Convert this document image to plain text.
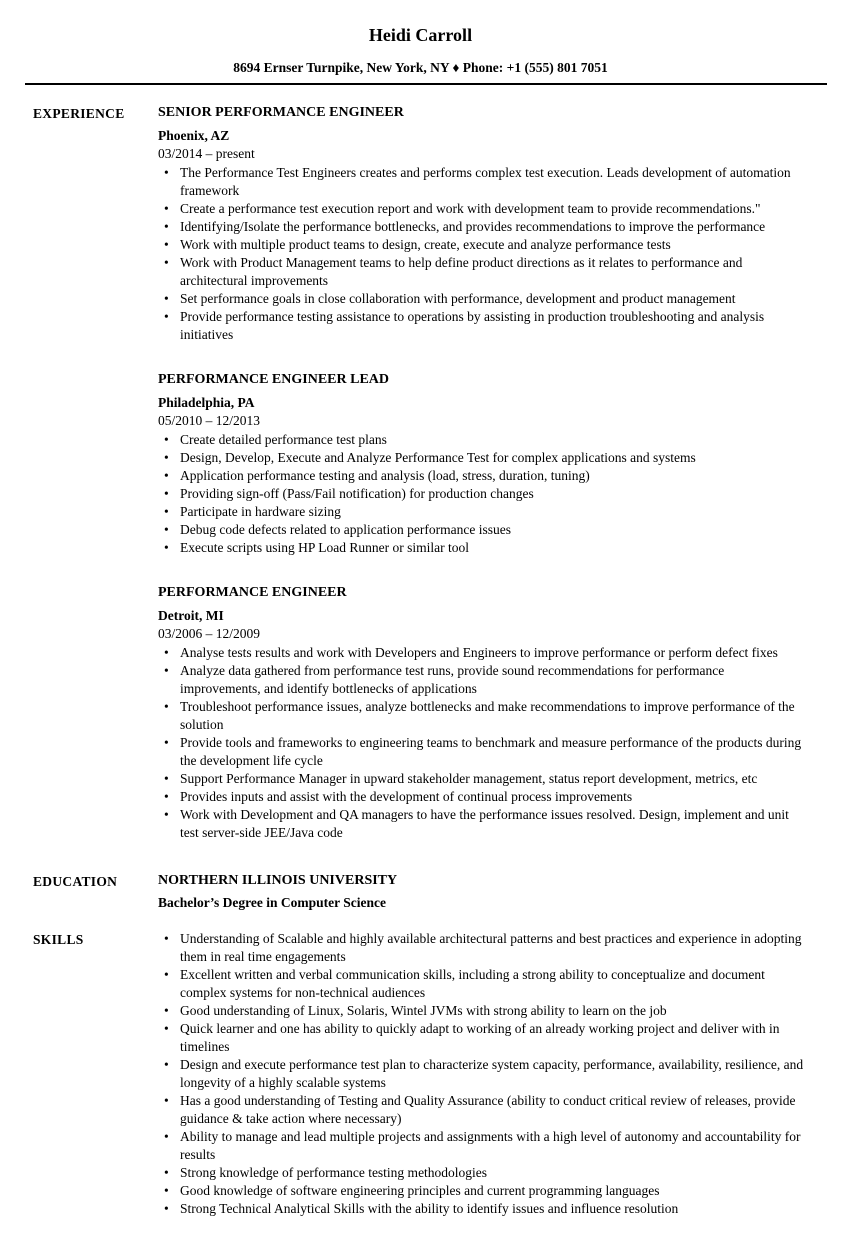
Heidi Carroll
8694 Ernser Turnpike, New York, NY ♦ Phone: +1 (555) 801 7051
EXPERIENCE	SENIOR PERFORMANCE ENGINEER
Phoenix, AZ
03/2014 – present
• The Performance Test Engineers creates and performs complex test execution. Leads development of automation framework
• Create a performance test execution report and work with development team to provide recommendations."
• Identifying/Isolate the performance bottlenecks, and provides recommendations to improve the performance
• Work with multiple product teams to design, create, execute and analyze performance tests
• Work with Product Management teams to help define product directions as it relates to performance and architectural improvements
• Set performance goals in close collaboration with performance, development and product management
• Provide performance testing assistance to operations by assisting in production troubleshooting and analysis initiatives
PERFORMANCE ENGINEER LEAD
Philadelphia, PA
05/2010 – 12/2013
• Create detailed performance test plans
• Design, Develop, Execute and Analyze Performance Test for complex applications and systems
• Application performance testing and analysis (load, stress, duration, tuning)
• Providing sign-off (Pass/Fail notification) for production changes
• Participate in hardware sizing
• Debug code defects related to application performance issues
• Execute scripts using HP Load Runner or similar tool
PERFORMANCE ENGINEER
Detroit, MI
03/2006 – 12/2009
• Analyse tests results and work with Developers and Engineers to improve performance or perform defect fixes
• Analyze data gathered from performance test runs, provide sound recommendations for performance improvements, and identify bottlenecks of applications
• Troubleshoot performance issues, analyze bottlenecks and make recommendations to improve performance of the solution
• Provide tools and frameworks to engineering teams to benchmark and measure performance of the products during the development life cycle
• Support Performance Manager in upward stakeholder management, status report development, metrics, etc
• Provides inputs and assist with the development of continual process improvements
• Work with Development and QA managers to have the performance issues resolved. Design, implement and unit test server-side JEE/Java code
EDUCATION	NORTHERN ILLINOIS UNIVERSITY
Bachelor’s Degree in Computer Science
SKILLS	• Understanding of Scalable and highly available architectural patterns and best practices and experience in adopting them in real time engagements
• Excellent written and verbal communication skills, including a strong ability to conceptualize and document complex systems for non-technical audiences
• Good understanding of Linux, Solaris, Wintel JVMs with strong ability to learn on the job
• Quick learner and one has ability to quickly adapt to working of an already working project and deliver with in timelines
• Design and execute performance test plan to characterize system capacity, performance, availability, resilience, and longevity of a highly scalable systems
• Has a good understanding of Testing and Quality Assurance (ability to conduct critical review of releases, provide guidance & take action where necessary)
• Ability to manage and lead multiple projects and assignments with a high level of autonomy and accountability for results
• Strong knowledge of performance testing methodologies
• Good knowledge of software engineering principles and current programming languages
• Strong Technical Analytical Skills with the ability to identify issues and influence resolution
